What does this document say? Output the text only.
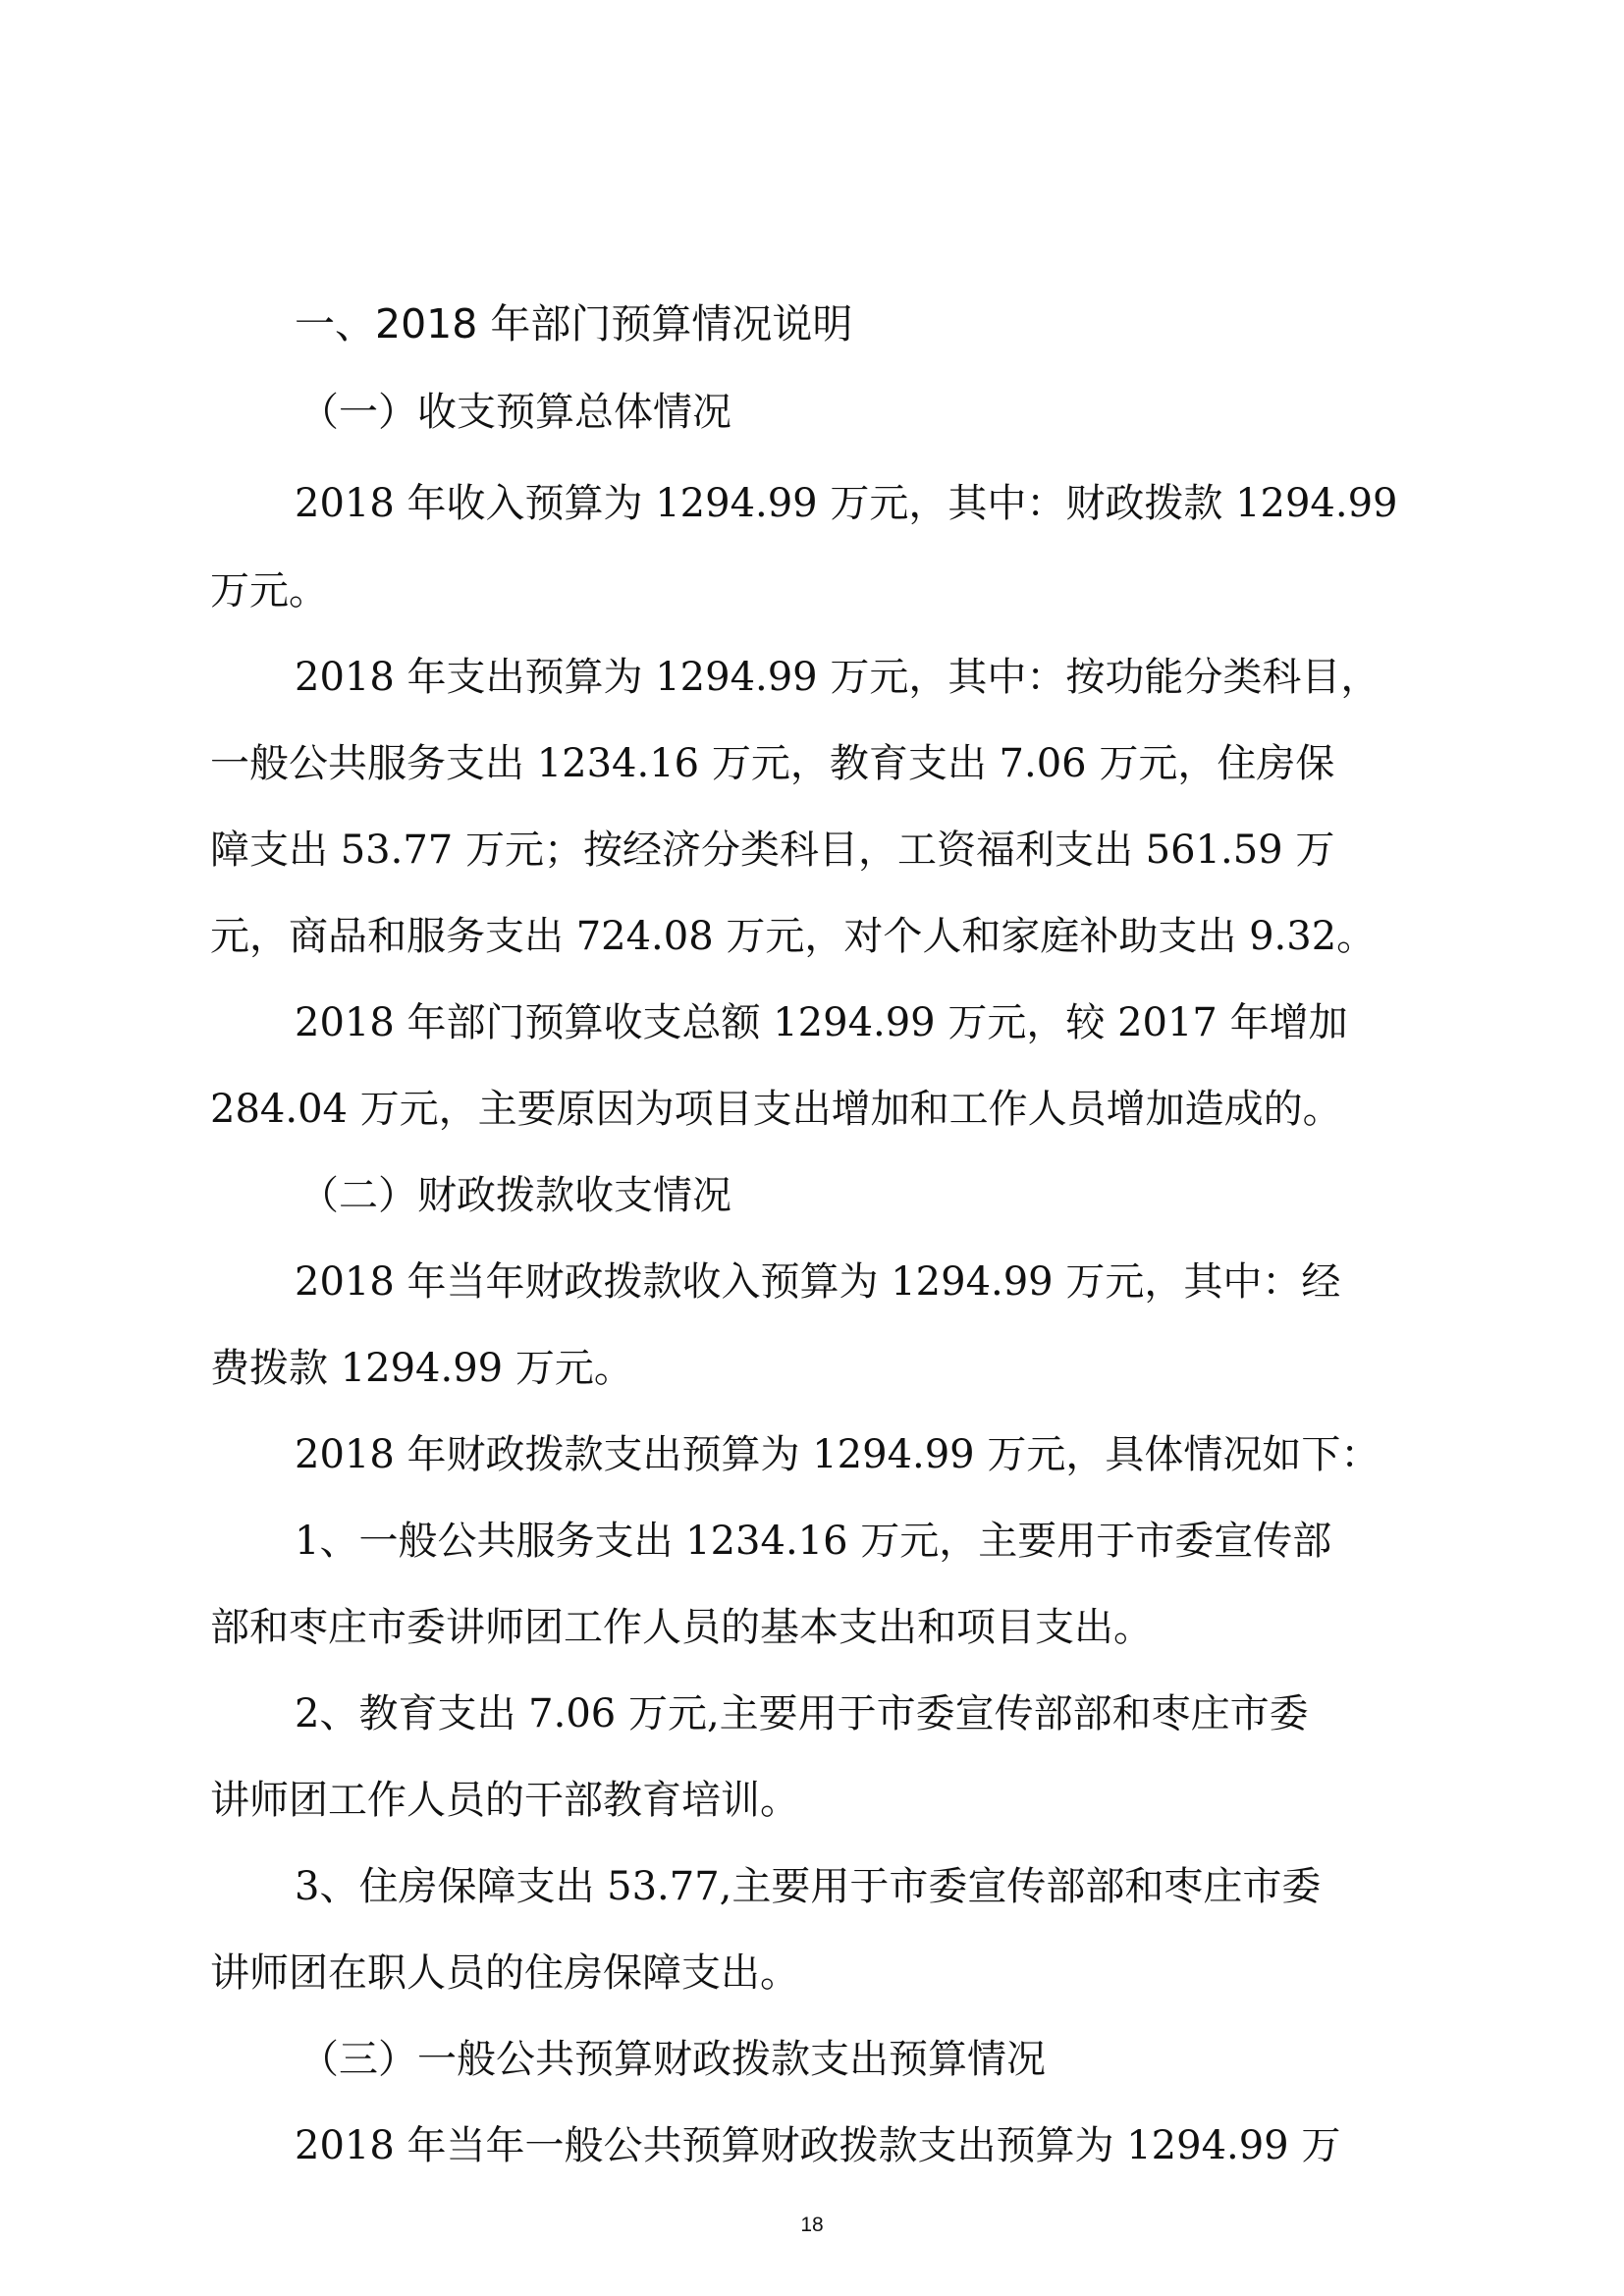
一、2018 年部门预算情况说明
（一）收支预算总体情况
2018 年收入预算为 1294.99 万元，其中：财政拨款 1294.99
万元。
2018 年支出预算为 1294.99 万元，其中：按功能分类科目，
一般公共服务支出 1234.16 万元，教育支出 7.06 万元，住房保
障支出 53.77 万元；按经济分类科目，工资福利支出 561.59 万
元，商品和服务支出 724.08 万元，对个人和家庭补助支出 9.32。
2018 年部门预算收支总额 1294.99 万元，较 2017 年增加
284.04 万元，主要原因为项目支出增加和工作人员增加造成的。
（二）财政拨款收支情况
2018 年当年财政拨款收入预算为 1294.99 万元，其中：经
费拨款 1294.99 万元。
2018 年财政拨款支出预算为 1294.99 万元，具体情况如下：
1、一般公共服务支出 1234.16 万元，主要用于市委宣传部
部和枣庄市委讲师团工作人员的基本支出和项目支出。
2、教育支出 7.06 万元,主要用于市委宣传部部和枣庄市委
讲师团工作人员的干部教育培训。
3、住房保障支出 53.77,主要用于市委宣传部部和枣庄市委
讲师团在职人员的住房保障支出。
（三）一般公共预算财政拨款支出预算情况
2018 年当年一般公共预算财政拨款支出预算为 1294.99 万
18
